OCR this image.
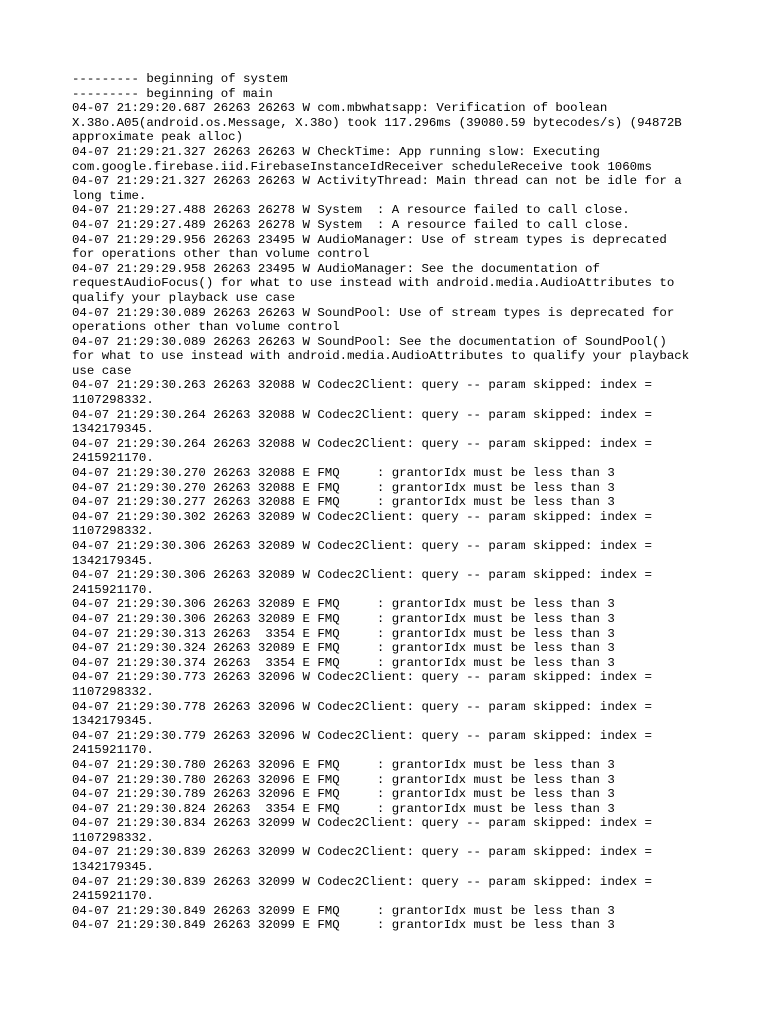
--------- beginning of system
--------- beginning of main
04-07 21:29:20.687 26263 26263 W com.mbwhatsapp: Verification of boolean
X.38o.A05(android.os.Message, X.38o) took 117.296ms (39080.59 bytecodes/s) (94872B
approximate peak alloc)
04-07 21:29:21.327 26263 26263 W CheckTime: App running slow: Executing
com.google.firebase.iid.FirebaseInstanceIdReceiver scheduleReceive took 1060ms
04-07 21:29:21.327 26263 26263 W ActivityThread: Main thread can not be idle for a
long time.
04-07 21:29:27.488 26263 26278 W System  : A resource failed to call close.
04-07 21:29:27.489 26263 26278 W System  : A resource failed to call close.
04-07 21:29:29.956 26263 23495 W AudioManager: Use of stream types is deprecated
for operations other than volume control
04-07 21:29:29.958 26263 23495 W AudioManager: See the documentation of
requestAudioFocus() for what to use instead with android.media.AudioAttributes to
qualify your playback use case
04-07 21:29:30.089 26263 26263 W SoundPool: Use of stream types is deprecated for
operations other than volume control
04-07 21:29:30.089 26263 26263 W SoundPool: See the documentation of SoundPool()
for what to use instead with android.media.AudioAttributes to qualify your playback
use case
04-07 21:29:30.263 26263 32088 W Codec2Client: query -- param skipped: index =
1107298332.
04-07 21:29:30.264 26263 32088 W Codec2Client: query -- param skipped: index =
1342179345.
04-07 21:29:30.264 26263 32088 W Codec2Client: query -- param skipped: index =
2415921170.
04-07 21:29:30.270 26263 32088 E FMQ     : grantorIdx must be less than 3
04-07 21:29:30.270 26263 32088 E FMQ     : grantorIdx must be less than 3
04-07 21:29:30.277 26263 32088 E FMQ     : grantorIdx must be less than 3
04-07 21:29:30.302 26263 32089 W Codec2Client: query -- param skipped: index =
1107298332.
04-07 21:29:30.306 26263 32089 W Codec2Client: query -- param skipped: index =
1342179345.
04-07 21:29:30.306 26263 32089 W Codec2Client: query -- param skipped: index =
2415921170.
04-07 21:29:30.306 26263 32089 E FMQ     : grantorIdx must be less than 3
04-07 21:29:30.306 26263 32089 E FMQ     : grantorIdx must be less than 3
04-07 21:29:30.313 26263  3354 E FMQ     : grantorIdx must be less than 3
04-07 21:29:30.324 26263 32089 E FMQ     : grantorIdx must be less than 3
04-07 21:29:30.374 26263  3354 E FMQ     : grantorIdx must be less than 3
04-07 21:29:30.773 26263 32096 W Codec2Client: query -- param skipped: index =
1107298332.
04-07 21:29:30.778 26263 32096 W Codec2Client: query -- param skipped: index =
1342179345.
04-07 21:29:30.779 26263 32096 W Codec2Client: query -- param skipped: index =
2415921170.
04-07 21:29:30.780 26263 32096 E FMQ     : grantorIdx must be less than 3
04-07 21:29:30.780 26263 32096 E FMQ     : grantorIdx must be less than 3
04-07 21:29:30.789 26263 32096 E FMQ     : grantorIdx must be less than 3
04-07 21:29:30.824 26263  3354 E FMQ     : grantorIdx must be less than 3
04-07 21:29:30.834 26263 32099 W Codec2Client: query -- param skipped: index =
1107298332.
04-07 21:29:30.839 26263 32099 W Codec2Client: query -- param skipped: index =
1342179345.
04-07 21:29:30.839 26263 32099 W Codec2Client: query -- param skipped: index =
2415921170.
04-07 21:29:30.849 26263 32099 E FMQ     : grantorIdx must be less than 3
04-07 21:29:30.849 26263 32099 E FMQ     : grantorIdx must be less than 3
